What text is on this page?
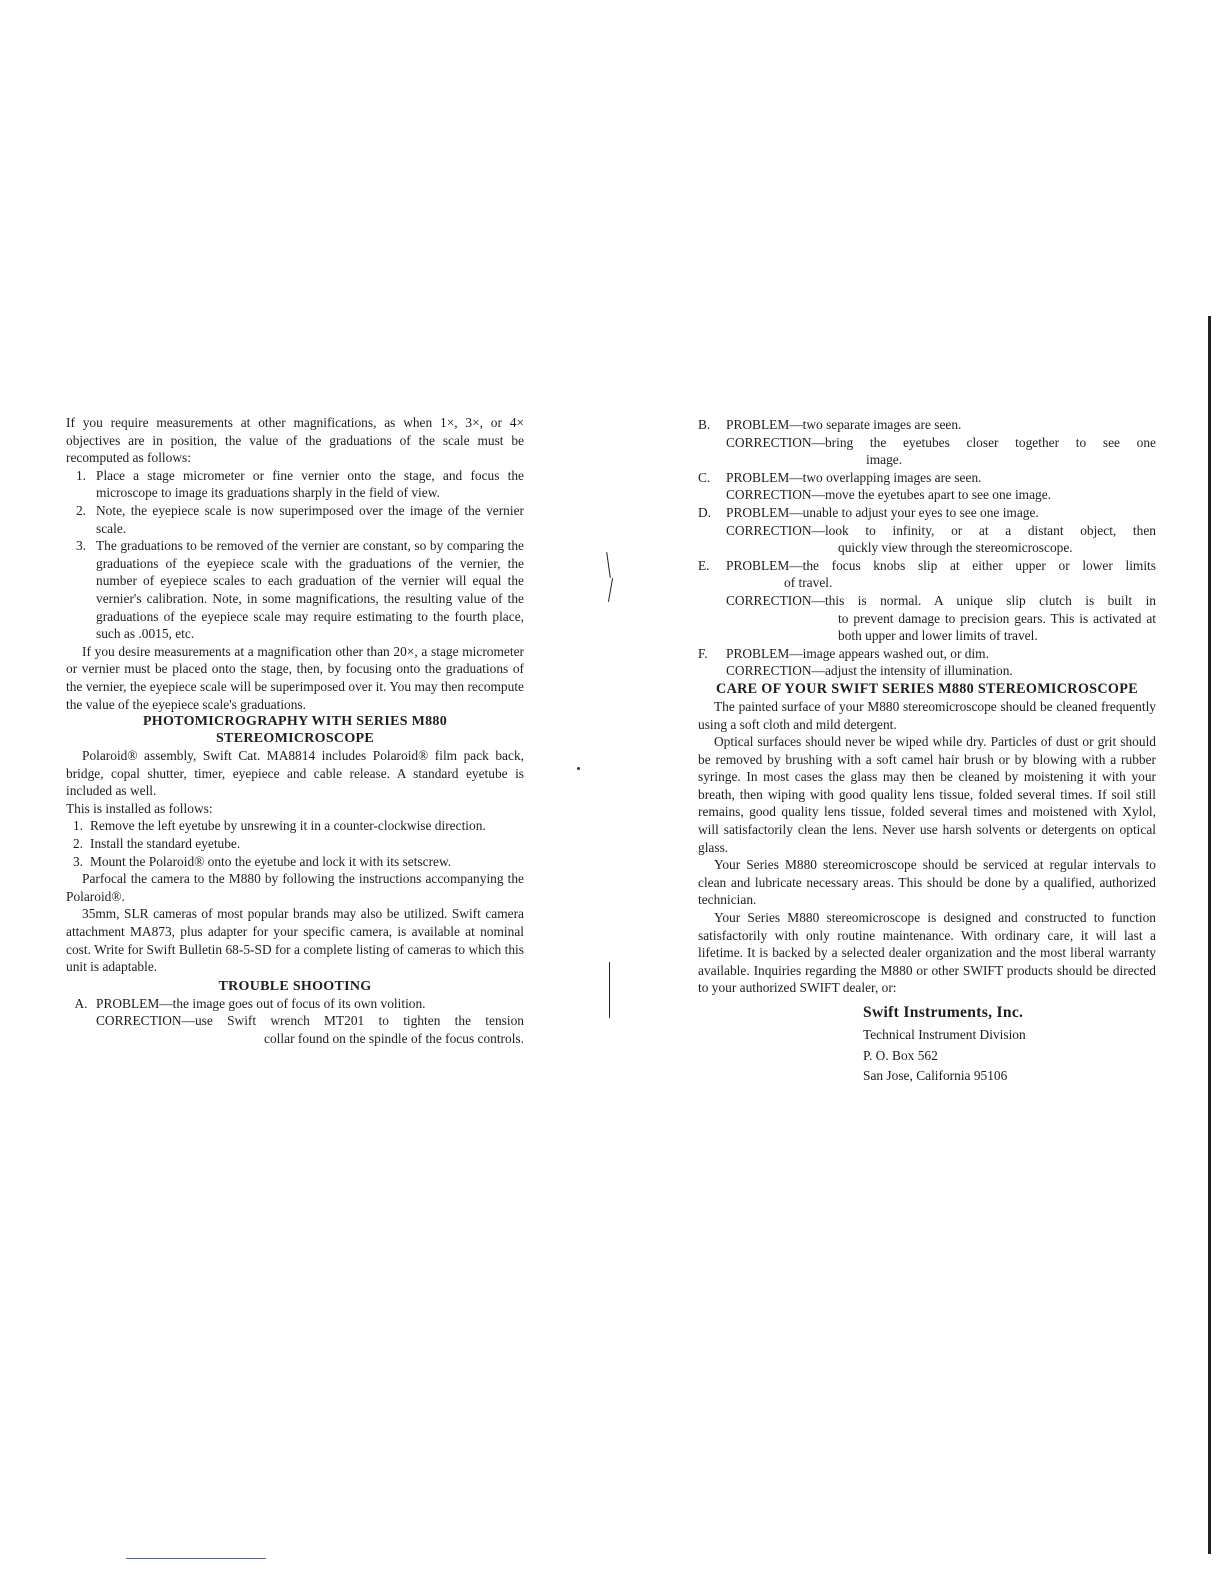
If you require measurements at other magnifications, as when 1×, 3×, or 4× objectives are in position, the value of the graduations of the scale must be recomputed as follows:

1. Place a stage micrometer or fine vernier onto the stage, and focus the microscope to image its graduations sharply in the field of view.
2. Note, the eyepiece scale is now superimposed over the image of the vernier scale.
3. The graduations to be removed of the vernier are constant, so by comparing the graduations of the eyepiece scale with the graduations of the vernier, the number of eyepiece scales to each graduation of the vernier will equal the vernier's calibration. Note, in some magnifications, the resulting value of the graduations of the eyepiece scale may require estimating to the fourth place, such as .0015, etc.

If you desire measurements at a magnification other than 20×, a stage micrometer or vernier must be placed onto the stage, then, by focusing onto the graduations of the vernier, the eyepiece scale will be superimposed over it. You may then recompute the value of the eyepiece scale's graduations.

PHOTOMICROGRAPHY WITH SERIES M880
STEREOMICROSCOPE

Polaroid® assembly, Swift Cat. MA8814 includes Polaroid® film pack back, bridge, copal shutter, timer, eyepiece and cable release. A standard eyetube is included as well.

This is installed as follows:

1. Remove the left eyetube by unsrewing it in a counter-clockwise direction.
2. Install the standard eyetube.
3. Mount the Polaroid® onto the eyetube and lock it with its setscrew.

Parfocal the camera to the M880 by following the instructions accompanying the Polaroid®.

35mm, SLR cameras of most popular brands may also be utilized. Swift camera attachment MA873, plus adapter for your specific camera, is available at nominal cost. Write for Swift Bulletin 68-5-SD for a complete listing of cameras to which this unit is adaptable.

TROUBLE SHOOTING
A. PROBLEM—the image goes out of focus of its own volition.
CORRECTION—use Swift wrench MT201 to tighten the tension
collar found on the spindle of the focus controls.
B.	PROBLEM—two separate images are seen.
CORRECTION—bring the eyetubes closer together to see one
image.
C.	PROBLEM—two overlapping images are seen.
CORRECTION—move the eyetubes apart to see one image.
D.	PROBLEM—unable to adjust your eyes to see one image.
CORRECTION—look to infinity, or at a distant object, then
quickly view through the stereomicroscope.
E.	PROBLEM—the focus knobs slip at either upper or lower limits
of travel.
CORRECTION—this is normal. A unique slip clutch is built in
to prevent damage to precision gears. This is activated at both upper and lower limits of travel.
F.	PROBLEM—image appears washed out, or dim.
CORRECTION—adjust the intensity of illumination.
CARE OF YOUR SWIFT SERIES M880 STEREOMICROSCOPE

The painted surface of your M880 stereomicroscope should be cleaned frequently using a soft cloth and mild detergent.

Optical surfaces should never be wiped while dry. Particles of dust or grit should be removed by brushing with a soft camel hair brush or by blowing with a rubber syringe. In most cases the glass may then be cleaned by moistening it with your breath, then wiping with good quality lens tissue, folded several times. If soil still remains, good quality lens tissue, folded several times and moistened with Xylol, will satisfactorily clean the lens. Never use harsh solvents or detergents on optical glass.

Your Series M880 stereomicroscope should be serviced at regular intervals to clean and lubricate necessary areas. This should be done by a qualified, authorized technician.

Your Series M880 stereomicroscope is designed and constructed to function satisfactorily with only routine maintenance. With ordinary care, it will last a lifetime. It is backed by a selected dealer organization and the most liberal warranty available. Inquiries regarding the M880 or other SWIFT products should be directed to your authorized SWIFT dealer, or:

Swift Instruments, Inc.
Technical Instrument Division
P. O. Box 562
San Jose, California 95106
